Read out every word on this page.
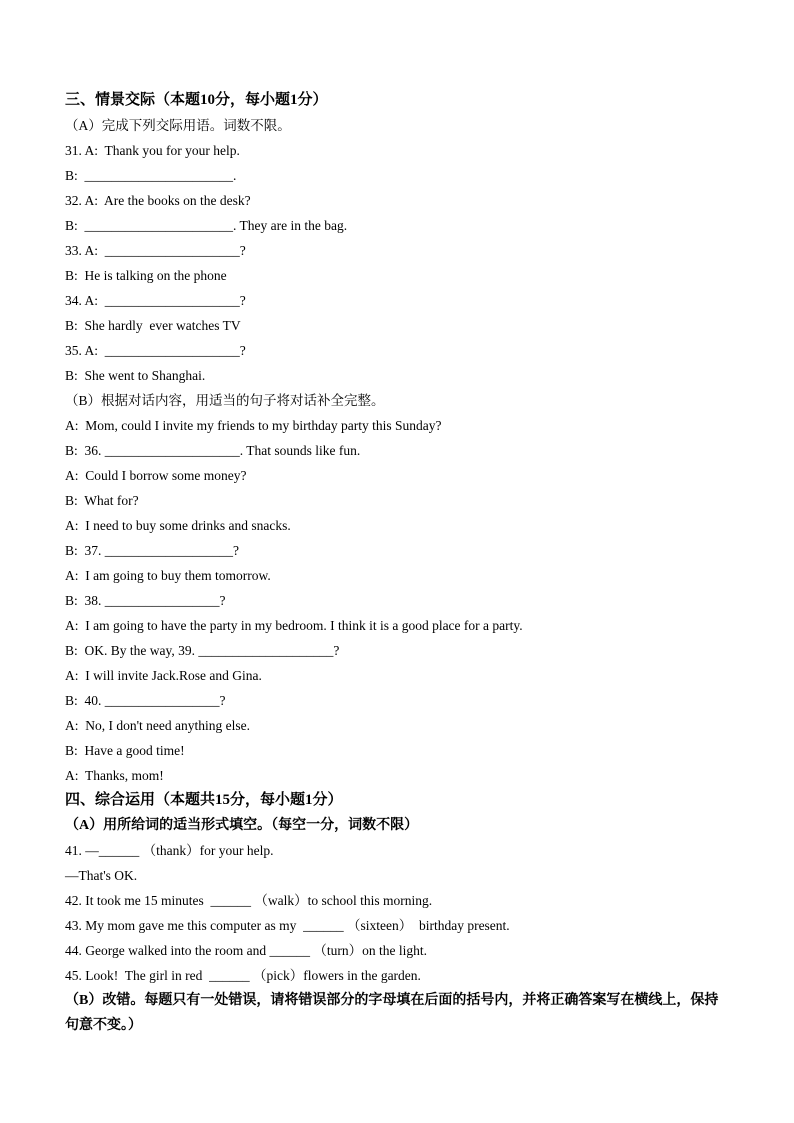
三、情景交际（本题10分，每小题1分）
（A）完成下列交际用语。词数不限。
31. A:  Thank you for your help.
B:  ______________________.
32. A:  Are the books on the desk?
B:  ______________________. They are in the bag.
33. A:  ____________________?
B:  He is talking on the phone
34. A:  ____________________?
B:  She hardly  ever watches TV
35. A:  ____________________?
B:  She went to Shanghai.
（B）根据对话内容，用适当的句子将对话补全完整。
A:  Mom, could I invite my friends to my birthday party this Sunday?
B:  36. ____________________. That sounds like fun.
A:  Could I borrow some money?
B:  What for?
A:  I need to buy some drinks and snacks.
B:  37. ___________________?
A:  I am going to buy them tomorrow.
B:  38. _________________?
A:  I am going to have the party in my bedroom. I think it is a good place for a party.
B:  OK. By the way, 39. ____________________?
A:  I will invite Jack.Rose and Gina.
B:  40. _________________?
A:  No, I don't need anything else.
B:  Have a good time!
A:  Thanks, mom!
四、综合运用（本题共15分，每小题1分）
（A）用所给词的适当形式填空。（每空一分，词数不限）
41. —______ （thank）for your help.
—That's OK.
42. It took me 15 minutes  ______ （walk）to school this morning.
43. My mom gave me this computer as my  ______ （sixteen）  birthday present.
44. George walked into the room and ______ （turn）on the light.
45. Look!  The girl in red  ______ （pick）flowers in the garden.
（B）改错。每题只有一处错误，请将错误部分的字母填在后面的括号内，并将正确答案写在横线上，保持
句意不变。）
